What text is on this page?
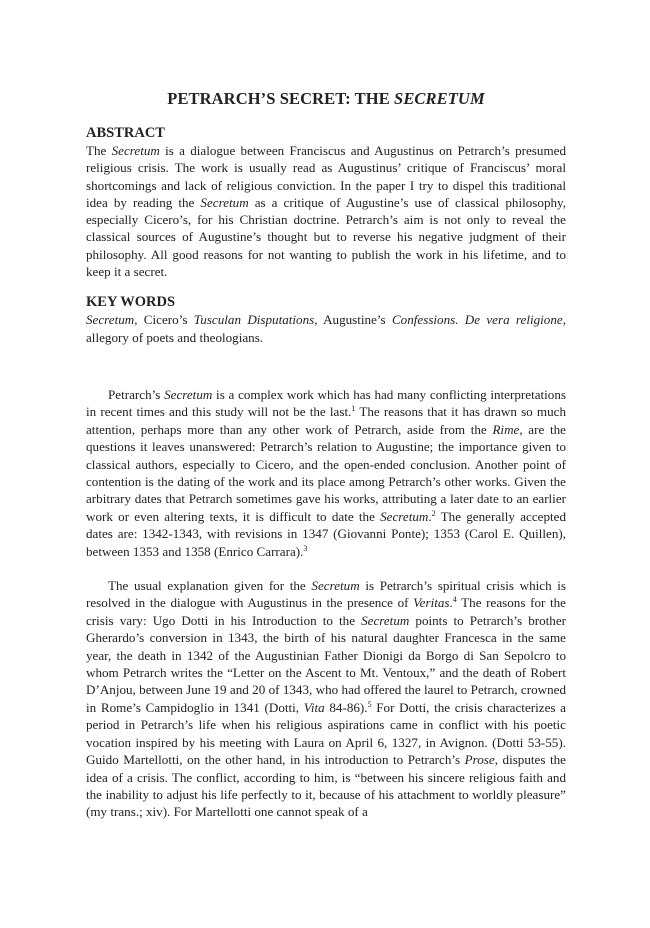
PETRARCH’S SECRET: THE SECRETUM
ABSTRACT

The Secretum is a dialogue between Franciscus and Augustinus on Petrarch’s presumed religious crisis. The work is usually read as Augustinus’ critique of Franciscus’ moral shortcomings and lack of religious conviction. In the paper I try to dispel this traditional idea by reading the Secretum as a critique of Augustine’s use of classical philosophy, especially Cicero’s, for his Christian doctrine. Petrarch’s aim is not only to reveal the classical sources of Augustine’s thought but to reverse his negative judgment of their philosophy. All good reasons for not wanting to publish the work in his lifetime, and to keep it a secret.

KEY WORDS

Secretum, Cicero’s Tusculan Disputations, Augustine’s Confessions. De vera religione, allegory of poets and theologians.

Petrarch’s Secretum is a complex work which has had many conflicting interpretations in recent times and this study will not be the last.$^1$ The reasons that it has drawn so much attention, perhaps more than any other work of Petrarch, aside from the Rime, are the questions it leaves unanswered: Petrarch’s relation to Augustine; the importance given to classical authors, especially to Cicero, and the open-ended conclusion. Another point of contention is the dating of the work and its place among Petrarch’s other works. Given the arbitrary dates that Petrarch sometimes gave his works, attributing a later date to an earlier work or even altering texts, it is difficult to date the Secretum.$^2$ The generally accepted dates are: 1342-1343, with revisions in 1347 (Giovanni Ponte); 1353 (Carol E. Quillen), between 1353 and 1358 (Enrico Carrara).$^3$

The usual explanation given for the Secretum is Petrarch’s spiritual crisis which is resolved in the dialogue with Augustinus in the presence of Veritas.$^4$ The reasons for the crisis vary: Ugo Dotti in his Introduction to the Secretum points to Petrarch’s brother Gherardo’s conversion in 1343, the birth of his natural daughter Francesca in the same year, the death in 1342 of the Augustinian Father Dionigi da Borgo di San Sepolcro to whom Petrarch writes the “Letter on the Ascent to Mt. Ventoux,” and the death of Robert D’Anjou, between June 19 and 20 of 1343, who had offered the laurel to Petrarch, crowned in Rome’s Campidoglio in 1341 (Dotti, Vita 84-86).$^5$ For Dotti, the crisis characterizes a period in Petrarch’s life when his religious aspirations came in conflict with his poetic vocation inspired by his meeting with Laura on April 6, 1327, in Avignon. (Dotti 53-55). Guido Martellotti, on the other hand, in his introduction to Petrarch’s Prose, disputes the idea of a crisis. The conflict, according to him, is “between his sincere religious faith and the inability to adjust his life perfectly to it, because of his attachment to worldly pleasure” (my trans.; xiv). For Martellotti one cannot speak of a
